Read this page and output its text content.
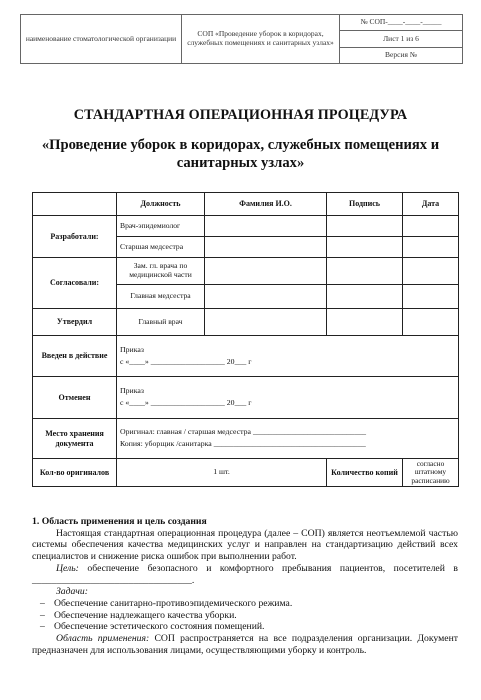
наименование стоматологической организации	СОП «Проведение уборок в коридорах, служебных помещениях и санитарных узлах»	№ СОП-____-____-_____
Лист 1 из 6
Версия №
СТАНДАРТНАЯ ОПЕРАЦИОННАЯ ПРОЦЕДУРА
«Проведение уборок в коридорах, служебных помещениях и санитарных узлах»
	Должность	Фамилия И.О.	Подпись	Дата
Разработали:	Врач-эпидемиолог			
	Старшая медсестра			
Согласовали:	Зам. гл. врача по медицинской части			
	Главная медсестра			
Утвердил	Главный врач			
Введен в действие	Приказ
с «____» ___________________ 20___ г			

Отменен	Приказ
с «____» ___________________ 20___ г			

Место хранения документа	Оригинал: главная / старшая медсестра _____________________________
Копия: уборщик /санитарка _______________________________________			

Кол-во оригиналов	1 шт.		Количество копий	согласно штатному расписанию

1. Область применения и цель создания

Настоящая стандартная операционная процедура (далее – СОП) является неотъемлемой частью системы обеспечения качества медицинских услуг и направлен на стандартизацию действий всех специалистов и снижение риска ошибок при выполнении работ.

Цель: обеспечение безопасного и комфортного пребывания пациентов, посетителей в _________________________________.

Задачи:

– Обеспечение санитарно-противоэпидемического режима.

– Обеспечение надлежащего качества уборки.

– Обеспечение эстетического состояния помещений.

Область применения: СОП распространяется на все подразделения организации. Документ предназначен для использования лицами, осуществляющими уборку и контроль.
